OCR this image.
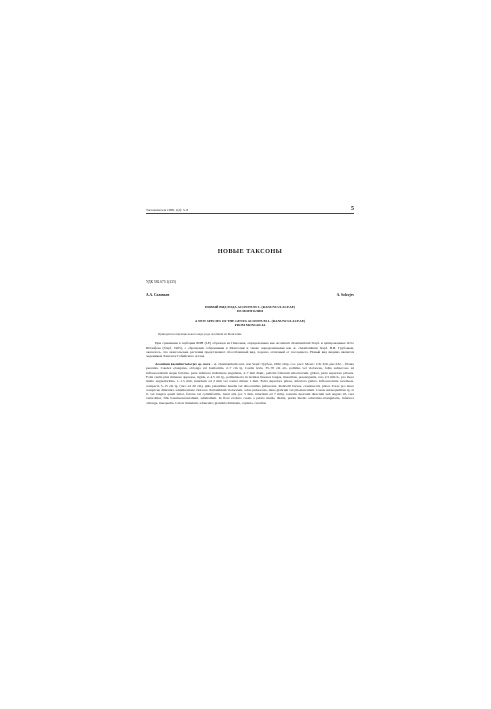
Turczaninowia 1998, 1(2): 5–8	5
НОВЫЕ ТАКСОНЫ
УДК 582.675.1(235)
А.А. Соловьев	A. Solovjev
НОВЫЙ ВИД РОДА ACONITUM L. (RANUNCULACEAE)
ИЗ МОНГОЛИИ
A NEW SPECIES OF THE GENUS ACONITUM L. (RANUNCULACEAE)
FROM MONGOLIA
Приводится описание нового вида рода Aconitum из Монголии.

При сравнении в гербарии БИН (LE) образцов из Гималаев, определенных как Aconitum chasmanthum Stapf. и цитированных Отто Штапфом (Stapf, 1905), с образцами собранными в Монголии и также определенными как A. chasmanthum Stapf. В.И. Грубовым, оказалось, что монгольские растения представляют обособленный вид, хорошо отличный от последнего. Новый вид видимо является эндемиком Хангая и Гобийского Алтая.

Aconitum kasmlini Solovjev sp. nova – A. chasmanthum auct. non Stapf: Грубов, 1982, Опр. сос. раст. Монг.: 118, 320, рис.232. – Planta perennis. Caudex elongatus, oblonga vel fusiformis, 2–7 cm lg. Caulis levis, 35–70 cm alt., pallidus vel violaceus, foliis subnovoso ad inflorescentiam usque foliatus, parte inferiore indistincte angulatus, 4–7 mm diam., petiolis foliorum emortuorum, glaber, parte superiore pilosus. Folia caulis plus minusve appressa, rigida, 2–4.5 cm lg., palmatisecta in lacinias lineares longas, linearibus, praeangustis, raro 2.5 mm lt., pro more multo angustioribus, 1–1.5 mm, interdum ad 2 mm vel contra minus 1 mm. Folia superiora pilosa, inferiora glabra. Inflorescentia racemosa, compacta 5–15 cm lg. (raro ad 20 cm), pilis patentibus haudis vel albocanibus pubescens. Pedicelli breves, crassiusculi, pilosi. Tores pro more conspicue dilataturi, adumbratione violacea. Perianthium violaceum, ocius pubescens, intus glabrum vel pilosiusculum. Cassis subaequalibus lg. et lt. vel longior quam latior, falcata vel cymbiformis, basal alta (ca. 5 mm, interdum ad 7 mm), rostrum deorsum directum sub angulo 45, rare verticaliter, filis basulaoruncutalium, submallum. In flore evoluto cassis a petalo medio distita, petala medio orbiculato-triangularia, inferiora oblonga, inaequalia. Calcar minutum, aduncatis; glandula diminuta, capitata, cucullus
